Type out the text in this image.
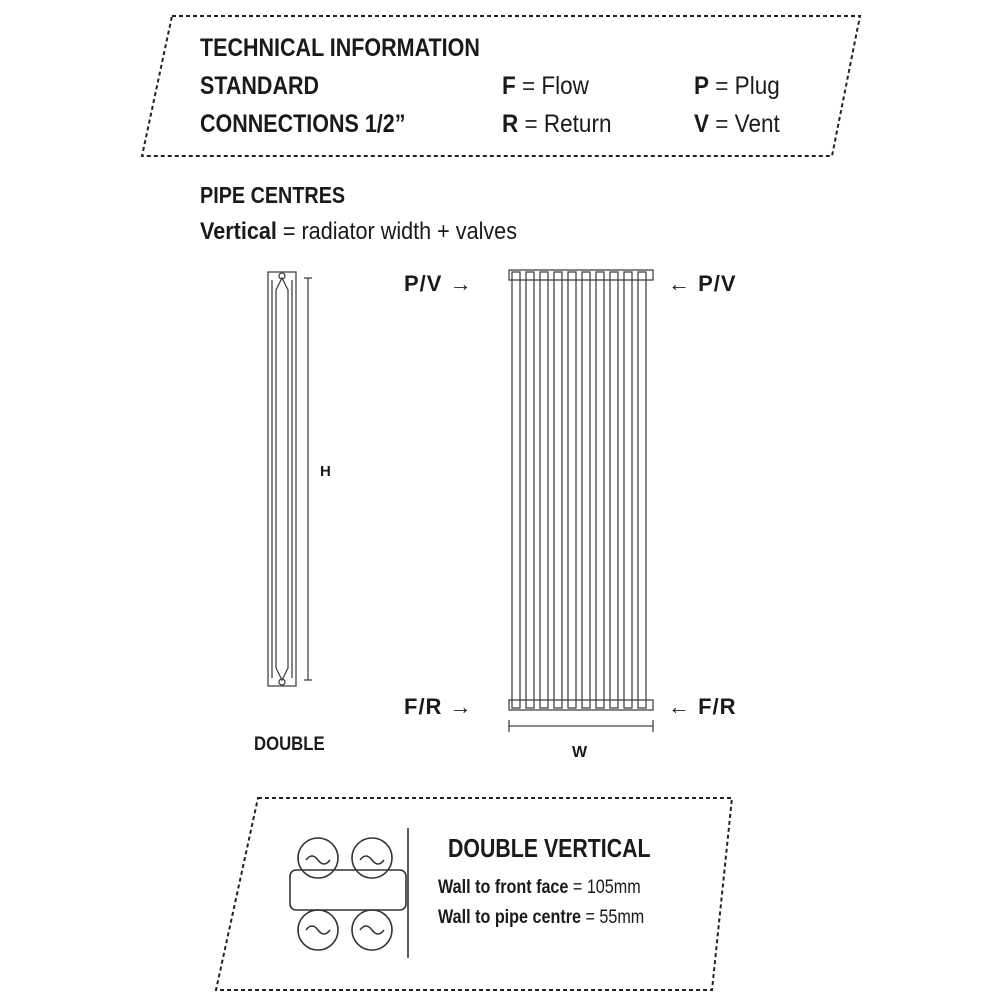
TECHNICAL INFORMATION
STANDARD
CONNECTIONS 1/2”
F = Flow
R = Return
P = Plug
V = Vent
PIPE CENTRES
Vertical = radiator width + valves
H
DOUBLE
P/V →	← P/V
F/R →	← F/R
W
DOUBLE VERTICAL
Wall to front face = 105mm
Wall to pipe centre = 55mm
